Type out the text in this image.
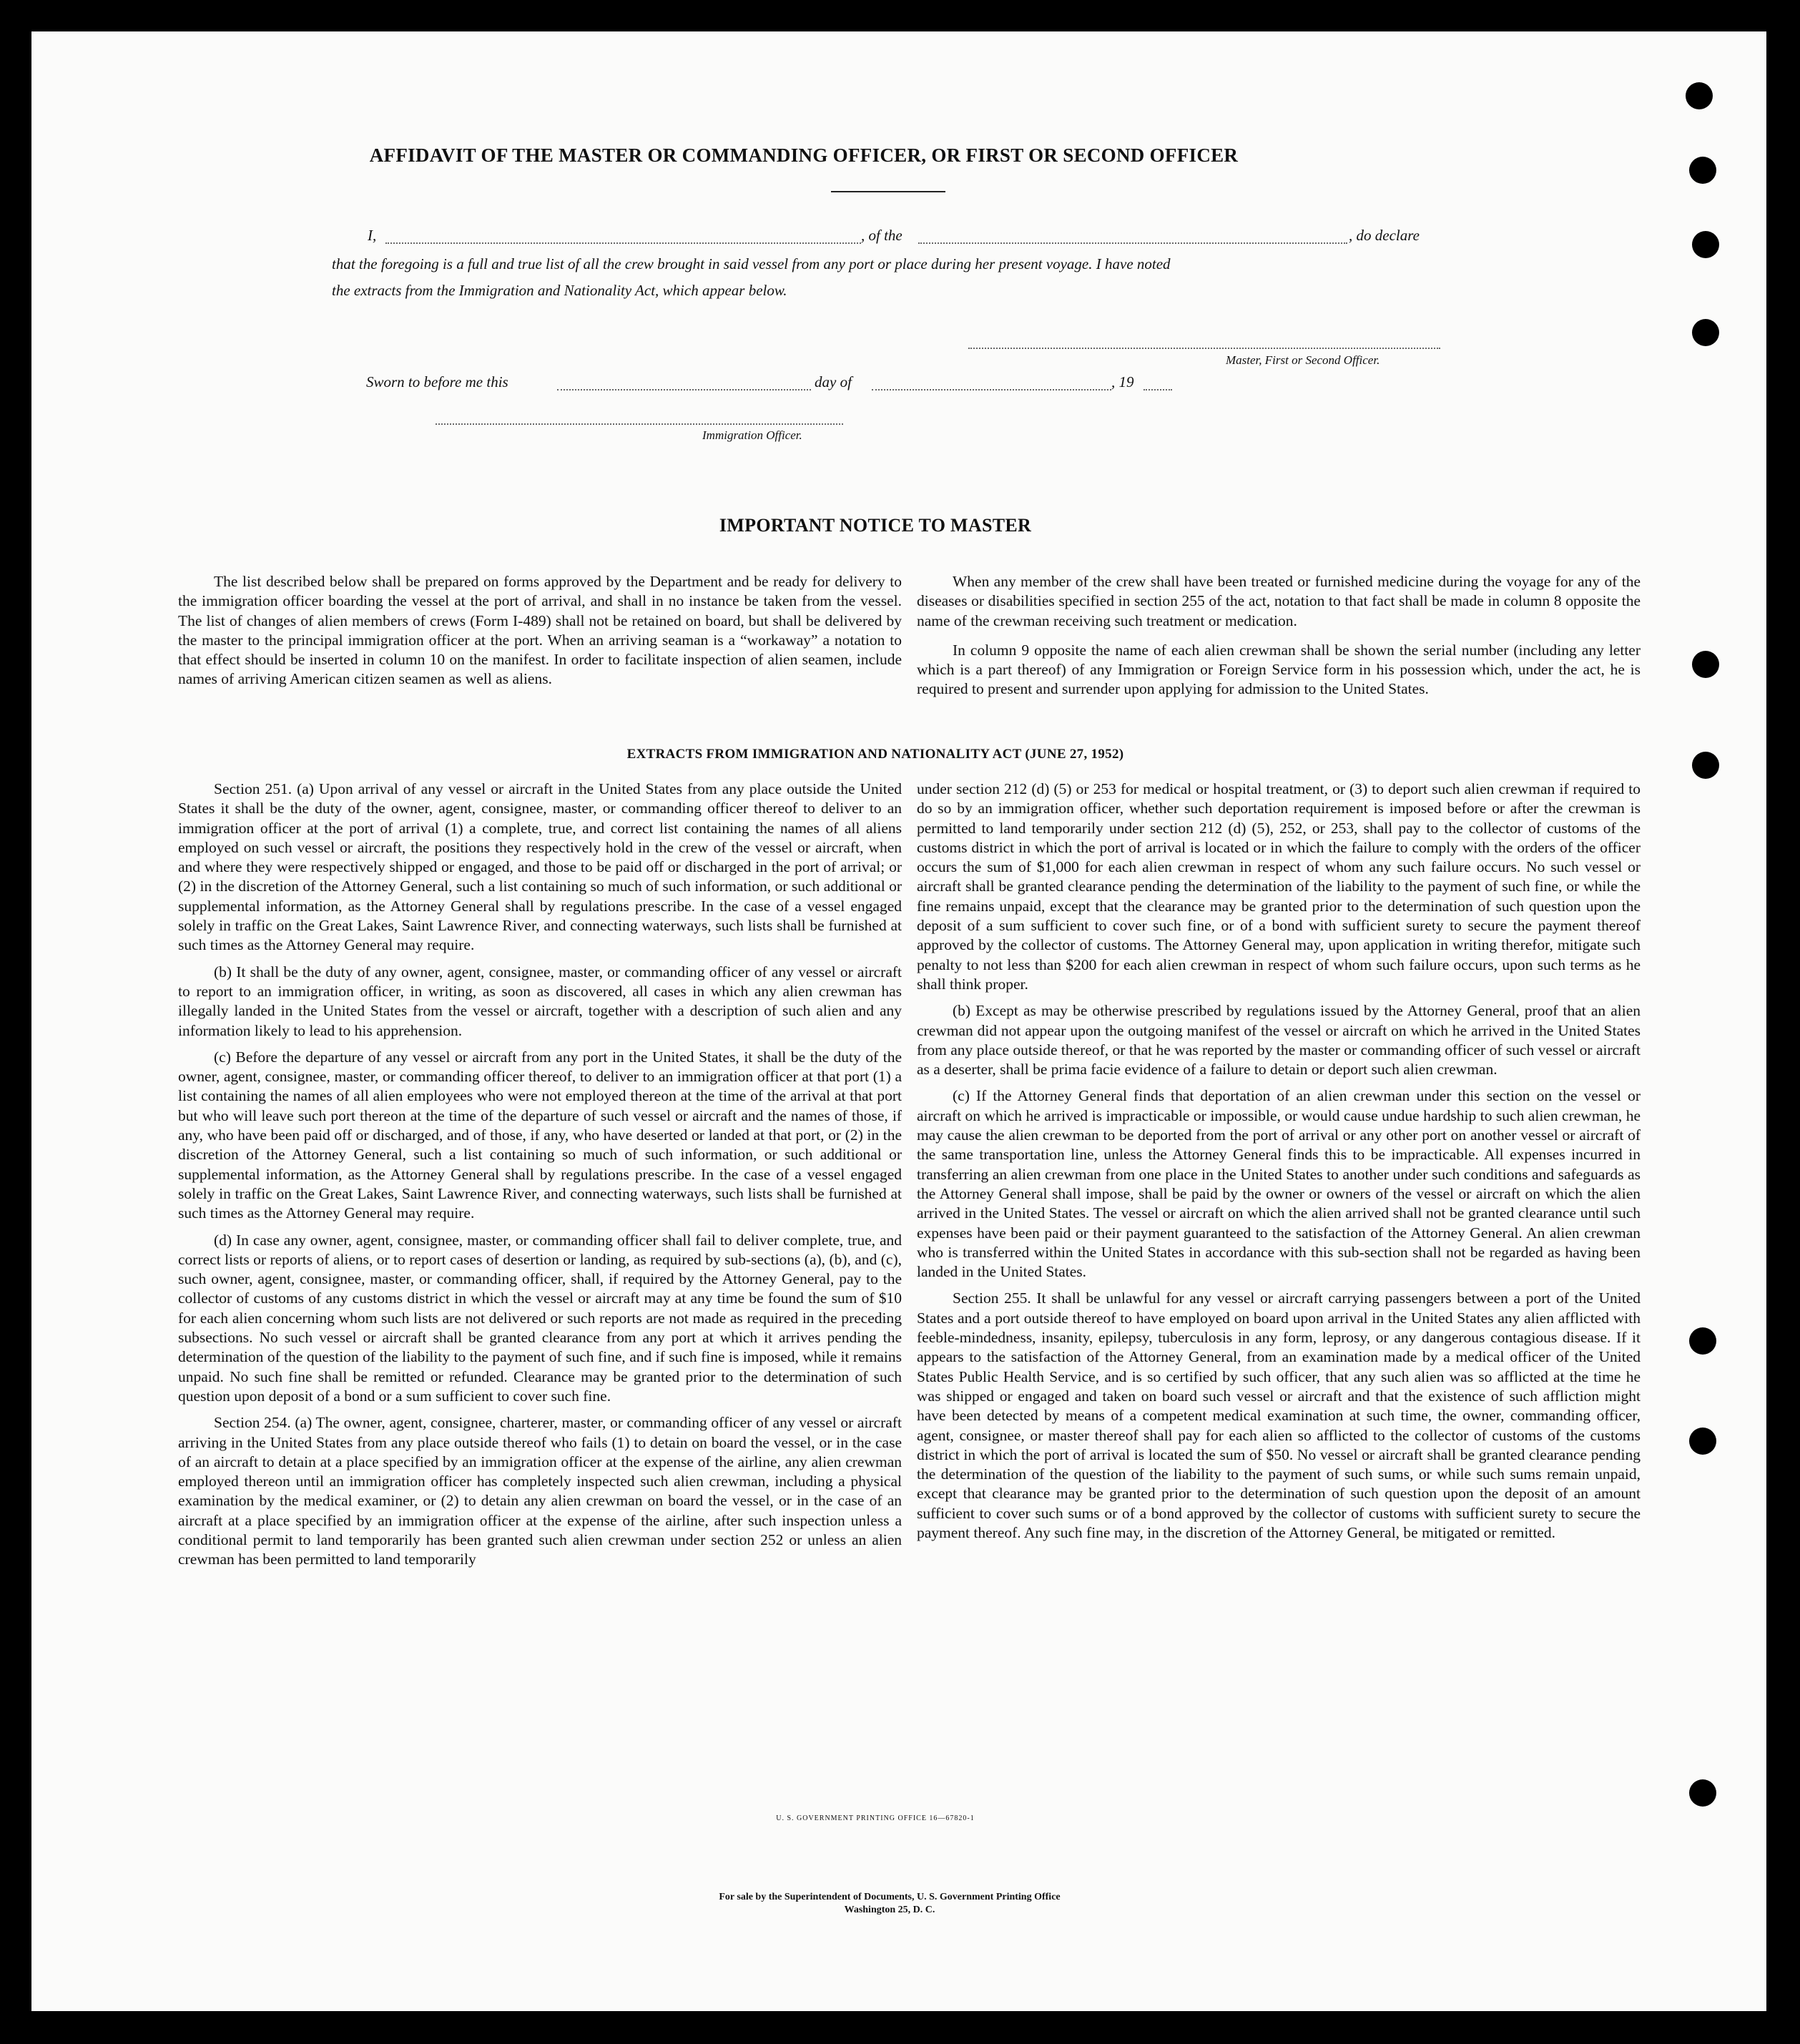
AFFIDAVIT OF THE MASTER OR COMMANDING OFFICER, OR FIRST OR SECOND OFFICER
I,	, of the	, do declare
that the foregoing is a full and true list of all the crew brought in said vessel from any port or place during her present voyage. I have noted
the extracts from the Immigration and Nationality Act, which appear below.
Master, First or Second Officer.
Sworn to before me this	day of	, 19
Immigration Officer.
IMPORTANT NOTICE TO MASTER

The list described below shall be prepared on forms approved by the Department and be ready for delivery to the immigration officer boarding the vessel at the port of arrival, and shall in no instance be taken from the vessel. The list of changes of alien members of crews (Form I-489) shall not be retained on board, but shall be delivered by the master to the principal immigration officer at the port. When an arriving seaman is a “workaway” a notation to that effect should be inserted in column 10 on the manifest. In order to facilitate inspection of alien seamen, include names of arriving American citizen seamen as well as aliens.

When any member of the crew shall have been treated or furnished medicine during the voyage for any of the diseases or disabilities specified in section 255 of the act, notation to that fact shall be made in column 8 opposite the name of the crewman receiving such treatment or medication.

In column 9 opposite the name of each alien crewman shall be shown the serial number (including any letter which is a part thereof) of any Immigration or Foreign Service form in his possession which, under the act, he is required to present and surrender upon applying for admission to the United States.

EXTRACTS FROM IMMIGRATION AND NATIONALITY ACT (JUNE 27, 1952)

Section 251. (a) Upon arrival of any vessel or aircraft in the United States from any place outside the United States it shall be the duty of the owner, agent, consignee, master, or commanding officer thereof to deliver to an immigration officer at the port of arrival (1) a complete, true, and correct list containing the names of all aliens employed on such vessel or aircraft, the positions they respectively hold in the crew of the vessel or aircraft, when and where they were respectively shipped or engaged, and those to be paid off or discharged in the port of arrival; or (2) in the discretion of the Attorney General, such a list containing so much of such information, or such additional or supplemental information, as the Attorney General shall by regulations prescribe. In the case of a vessel engaged solely in traffic on the Great Lakes, Saint Lawrence River, and connecting waterways, such lists shall be furnished at such times as the Attorney General may require.

(b) It shall be the duty of any owner, agent, consignee, master, or commanding officer of any vessel or aircraft to report to an immigration officer, in writing, as soon as discovered, all cases in which any alien crewman has illegally landed in the United States from the vessel or aircraft, together with a description of such alien and any information likely to lead to his apprehension.

(c) Before the departure of any vessel or aircraft from any port in the United States, it shall be the duty of the owner, agent, consignee, master, or commanding officer thereof, to deliver to an immigration officer at that port (1) a list containing the names of all alien employees who were not employed thereon at the time of the arrival at that port but who will leave such port thereon at the time of the departure of such vessel or aircraft and the names of those, if any, who have been paid off or discharged, and of those, if any, who have deserted or landed at that port, or (2) in the discretion of the Attorney General, such a list containing so much of such information, or such additional or supplemental information, as the Attorney General shall by regulations prescribe. In the case of a vessel engaged solely in traffic on the Great Lakes, Saint Lawrence River, and connecting waterways, such lists shall be furnished at such times as the Attorney General may require.

(d) In case any owner, agent, consignee, master, or commanding officer shall fail to deliver complete, true, and correct lists or reports of aliens, or to report cases of desertion or landing, as required by sub-sections (a), (b), and (c), such owner, agent, consignee, master, or commanding officer, shall, if required by the Attorney General, pay to the collector of customs of any customs district in which the vessel or aircraft may at any time be found the sum of $10 for each alien concerning whom such lists are not delivered or such reports are not made as required in the preceding subsections. No such vessel or aircraft shall be granted clearance from any port at which it arrives pending the determination of the question of the liability to the payment of such fine, and if such fine is imposed, while it remains unpaid. No such fine shall be remitted or refunded. Clearance may be granted prior to the determination of such question upon deposit of a bond or a sum sufficient to cover such fine.

Section 254. (a) The owner, agent, consignee, charterer, master, or commanding officer of any vessel or aircraft arriving in the United States from any place outside thereof who fails (1) to detain on board the vessel, or in the case of an aircraft to detain at a place specified by an immigration officer at the expense of the airline, any alien crewman employed thereon until an immigration officer has completely inspected such alien crewman, including a physical examination by the medical examiner, or (2) to detain any alien crewman on board the vessel, or in the case of an aircraft at a place specified by an immigration officer at the expense of the airline, after such inspection unless a conditional permit to land temporarily has been granted such alien crewman under section 252 or unless an alien crewman has been permitted to land temporarily

under section 212 (d) (5) or 253 for medical or hospital treatment, or (3) to deport such alien crewman if required to do so by an immigration officer, whether such deportation requirement is imposed before or after the crewman is permitted to land temporarily under section 212 (d) (5), 252, or 253, shall pay to the collector of customs of the customs district in which the port of arrival is located or in which the failure to comply with the orders of the officer occurs the sum of $1,000 for each alien crewman in respect of whom any such failure occurs. No such vessel or aircraft shall be granted clearance pending the determination of the liability to the payment of such fine, or while the fine remains unpaid, except that the clearance may be granted prior to the determination of such question upon the deposit of a sum sufficient to cover such fine, or of a bond with sufficient surety to secure the payment thereof approved by the collector of customs. The Attorney General may, upon application in writing therefor, mitigate such penalty to not less than $200 for each alien crewman in respect of whom such failure occurs, upon such terms as he shall think proper.

(b) Except as may be otherwise prescribed by regulations issued by the Attorney General, proof that an alien crewman did not appear upon the outgoing manifest of the vessel or aircraft on which he arrived in the United States from any place outside thereof, or that he was reported by the master or commanding officer of such vessel or aircraft as a deserter, shall be prima facie evidence of a failure to detain or deport such alien crewman.

(c) If the Attorney General finds that deportation of an alien crewman under this section on the vessel or aircraft on which he arrived is impracticable or impossible, or would cause undue hardship to such alien crewman, he may cause the alien crewman to be deported from the port of arrival or any other port on another vessel or aircraft of the same transportation line, unless the Attorney General finds this to be impracticable. All expenses incurred in transferring an alien crewman from one place in the United States to another under such conditions and safeguards as the Attorney General shall impose, shall be paid by the owner or owners of the vessel or aircraft on which the alien arrived in the United States. The vessel or aircraft on which the alien arrived shall not be granted clearance until such expenses have been paid or their payment guaranteed to the satisfaction of the Attorney General. An alien crewman who is transferred within the United States in accordance with this sub-section shall not be regarded as having been landed in the United States.

Section 255. It shall be unlawful for any vessel or aircraft carrying passengers between a port of the United States and a port outside thereof to have employed on board upon arrival in the United States any alien afflicted with feeble-mindedness, insanity, epilepsy, tuberculosis in any form, leprosy, or any dangerous contagious disease. If it appears to the satisfaction of the Attorney General, from an examination made by a medical officer of the United States Public Health Service, and is so certified by such officer, that any such alien was so afflicted at the time he was shipped or engaged and taken on board such vessel or aircraft and that the existence of such affliction might have been detected by means of a competent medical examination at such time, the owner, commanding officer, agent, consignee, or master thereof shall pay for each alien so afflicted to the collector of customs of the customs district in which the port of arrival is located the sum of $50. No vessel or aircraft shall be granted clearance pending the determination of the question of the liability to the payment of such sums, or while such sums remain unpaid, except that clearance may be granted prior to the determination of such question upon the deposit of an amount sufficient to cover such sums or of a bond approved by the collector of customs with sufficient surety to secure the payment thereof. Any such fine may, in the discretion of the Attorney General, be mitigated or remitted.

U. S. GOVERNMENT PRINTING OFFICE 16—67820-1
For sale by the Superintendent of Documents, U. S. Government Printing Office
Washington 25, D. C.
